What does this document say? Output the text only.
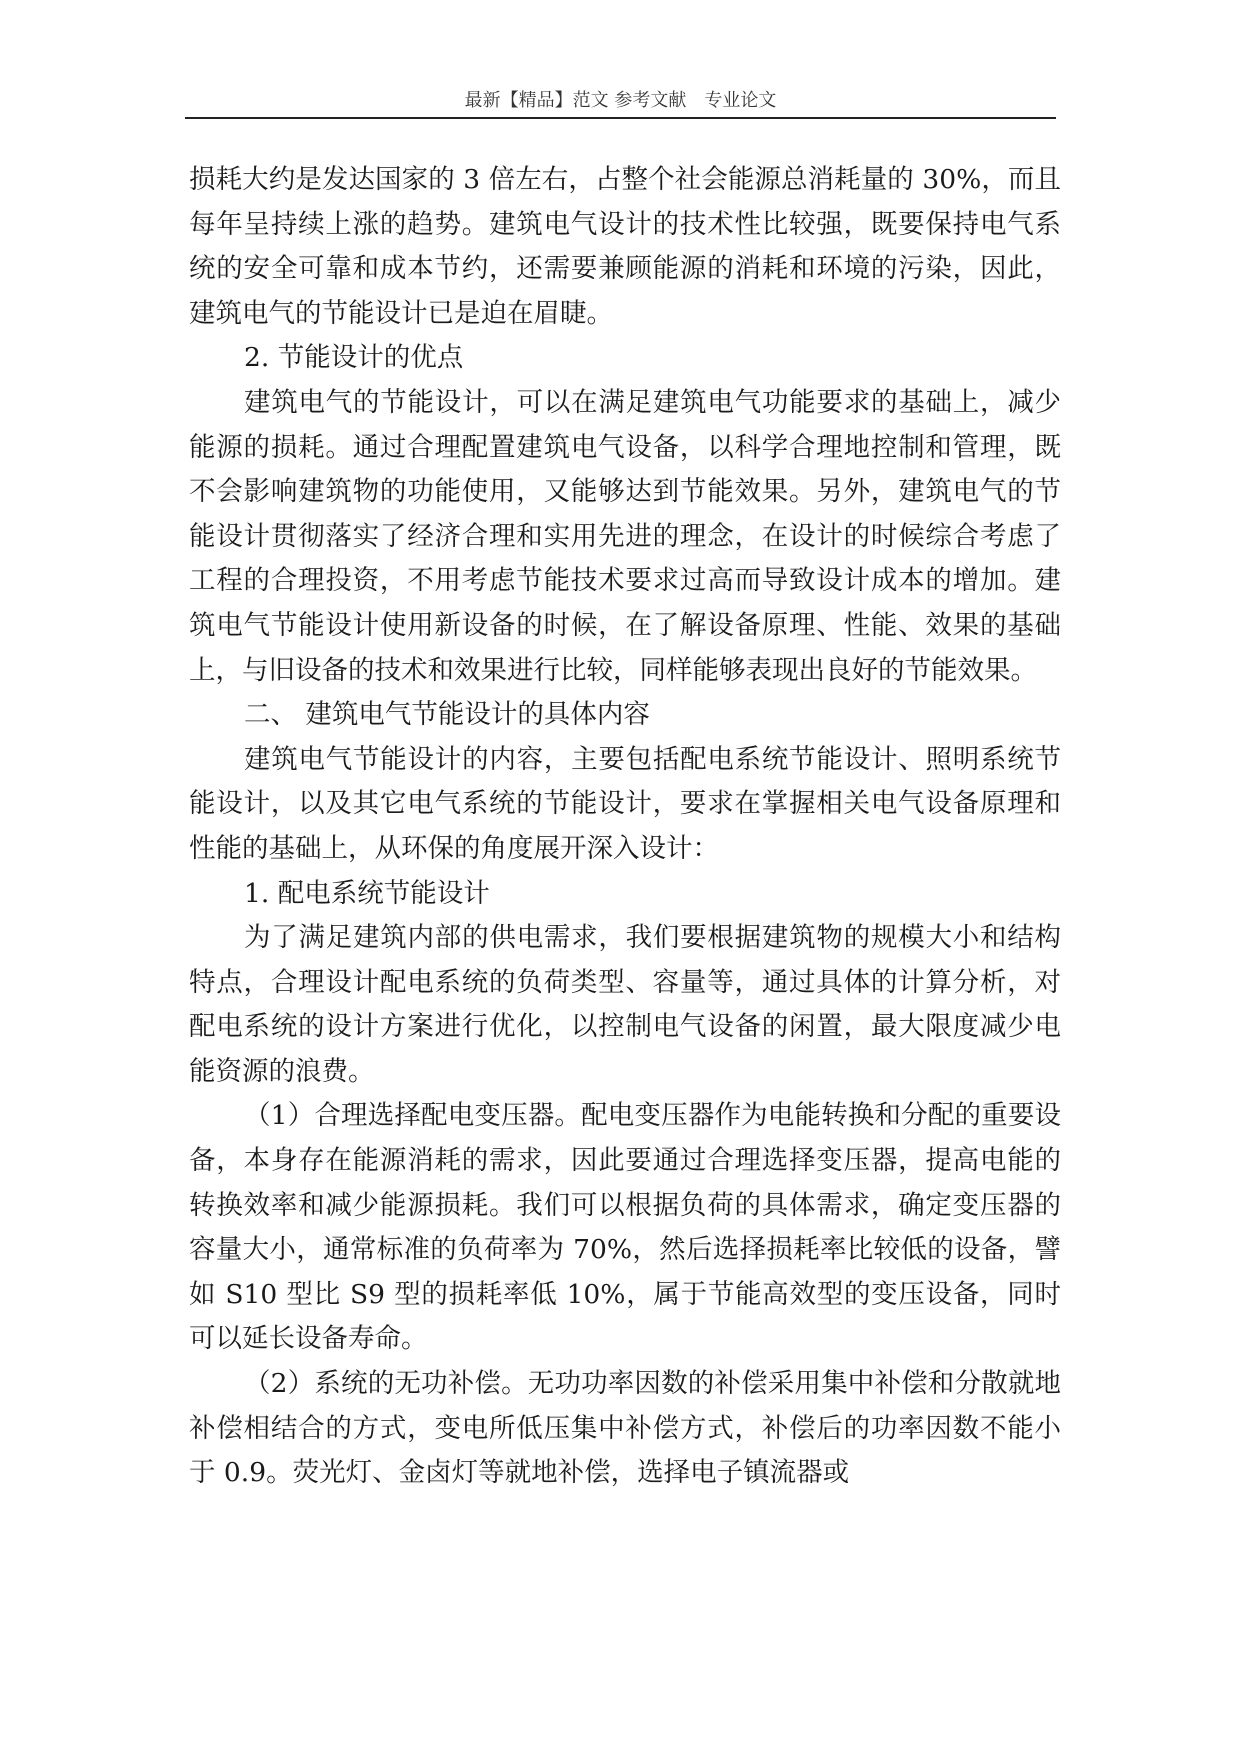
最新【精品】范文 参考文献　专业论文

损耗大约是发达国家的 3 倍左右，占整个社会能源总消耗量的 30%，而且每年呈持续上涨的趋势。建筑电气设计的技术性比较强，既要保持电气系统的安全可靠和成本节约，还需要兼顾能源的消耗和环境的污染，因此，建筑电气的节能设计已是迫在眉睫。

2. 节能设计的优点

建筑电气的节能设计，可以在满足建筑电气功能要求的基础上，减少能源的损耗。通过合理配置建筑电气设备，以科学合理地控制和管理，既不会影响建筑物的功能使用，又能够达到节能效果。另外，建筑电气的节能设计贯彻落实了经济合理和实用先进的理念，在设计的时候综合考虑了工程的合理投资，不用考虑节能技术要求过高而导致设计成本的增加。建筑电气节能设计使用新设备的时候，在了解设备原理、性能、效果的基础上，与旧设备的技术和效果进行比较，同样能够表现出良好的节能效果。

二、 建筑电气节能设计的具体内容

建筑电气节能设计的内容，主要包括配电系统节能设计、照明系统节能设计，以及其它电气系统的节能设计，要求在掌握相关电气设备原理和性能的基础上，从环保的角度展开深入设计：

1. 配电系统节能设计

为了满足建筑内部的供电需求，我们要根据建筑物的规模大小和结构特点，合理设计配电系统的负荷类型、容量等，通过具体的计算分析，对配电系统的设计方案进行优化，以控制电气设备的闲置，最大限度减少电能资源的浪费。

（1）合理选择配电变压器。配电变压器作为电能转换和分配的重要设备，本身存在能源消耗的需求，因此要通过合理选择变压器，提高电能的转换效率和减少能源损耗。我们可以根据负荷的具体需求，确定变压器的容量大小，通常标准的负荷率为 70%，然后选择损耗率比较低的设备，譬如 S10 型比 S9 型的损耗率低 10%，属于节能高效型的变压设备，同时可以延长设备寿命。

（2）系统的无功补偿。无功功率因数的补偿采用集中补偿和分散就地补偿相结合的方式，变电所低压集中补偿方式，补偿后的功率因数不能小于 0.9。荧光灯、金卤灯等就地补偿，选择电子镇流器或
